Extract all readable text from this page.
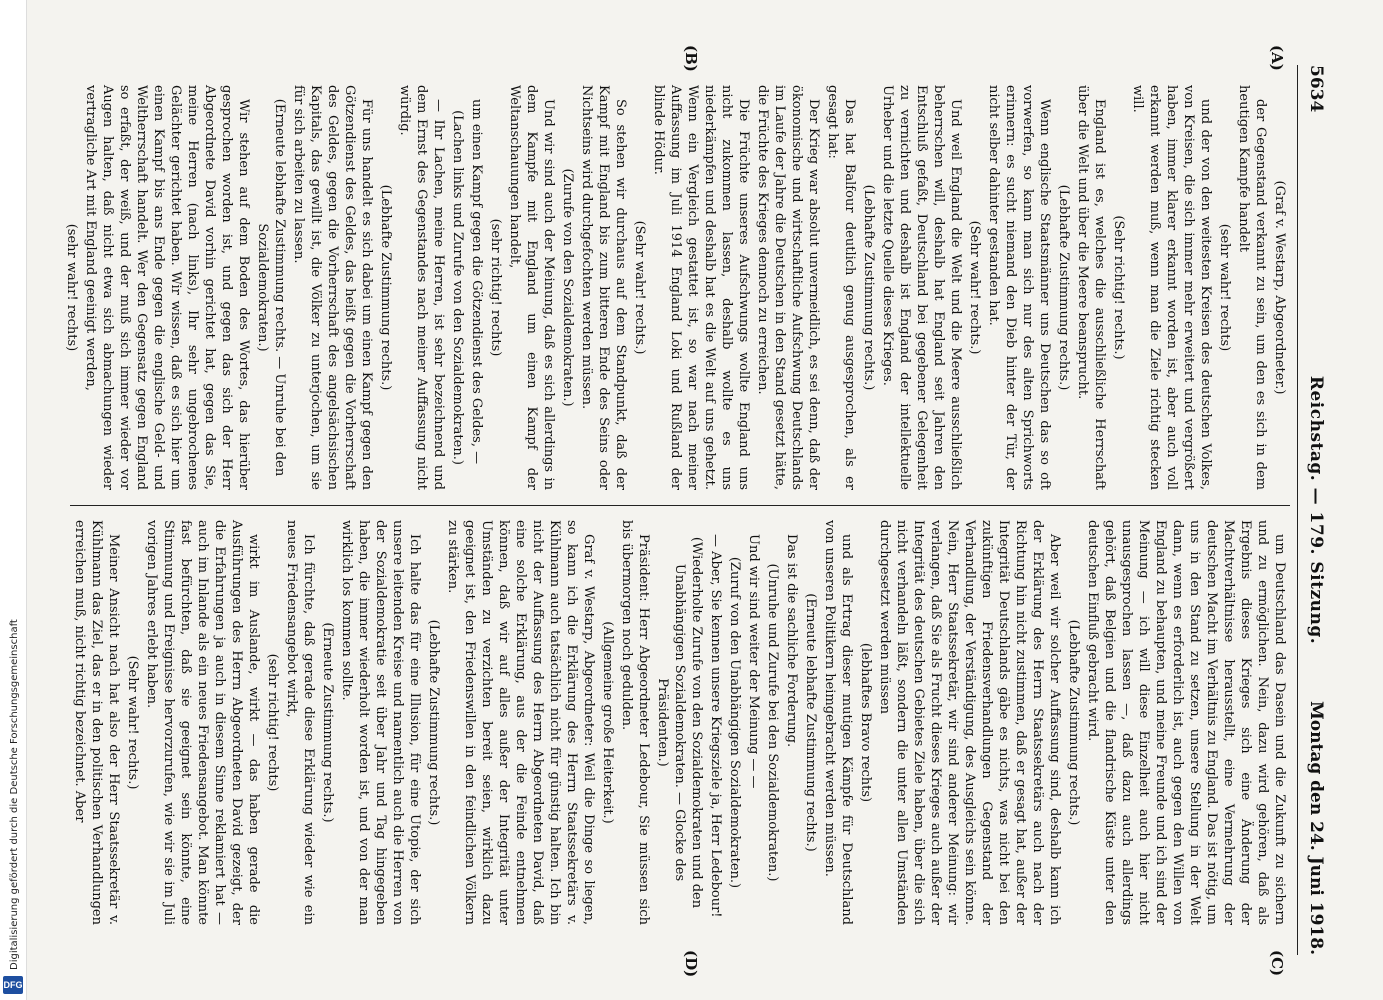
Digitalisierung gefördert durch die Deutsche Forschungsgemeinschaft
DFG
5634
Reichstag. — 179. Sitzung.
Montag den 24. Juni 1918.
(A)
(B)
(C)
(D)

(Graf v. Westarp, Abgeordneter.)

der Gegenstand verkannt zu sein, um den es sich in dem heutigen Kampfe handelt

(sehr wahr! rechts)

und der von den weitesten Kreisen des deutschen Volkes, von Kreisen, die sich immer mehr erweitert und vergrößert haben, immer klarer erkannt worden ist, aber auch voll erkannt werden muß, wenn man die Ziele richtig stecken will.

(Sehr richtig! rechts.)

England ist es, welches die ausschließliche Herrschaft über die Welt und über die Meere beansprucht.

(Lebhafte Zustimmung rechts.)

Wenn englische Staatsmänner uns Deutschen das so oft vorwerfen, so kann man sich nur des alten Sprichworts erinnern: es sucht niemand den Dieb hinter der Tür, der nicht selber dahinter gestanden hat.

(Sehr wahr! rechts.)

Und weil England die Welt und die Meere ausschließlich beherrschen will, deshalb hat England seit Jahren den Entschluß gefaßt, Deutschland bei gegebener Gelegenheit zu vernichten und deshalb ist England der intellektuelle Urheber und die letzte Quelle dieses Krieges.

(Lebhafte Zustimmung rechts.)

Das hat Balfour deutlich genug ausgesprochen, als er gesagt hat:

Der Krieg war absolut unvermeidlich, es sei denn, daß der ökonomische und wirtschaftliche Aufschwung Deutschlands im Laufe der Jahre die Deutschen in den Stand gesetzt hätte, die Früchte des Krieges dennoch zu erreichen.

Die Früchte unseres Aufschwungs wollte England uns nicht zukommen lassen, deshalb wollte es uns niederkämpfen und deshalb hat es die Welt auf uns gehetzt. Wenn ein Vergleich gestattet ist, so war nach meiner Auffassung im Juli 1914 England Loki und Rußland der blinde Hödur.

(Sehr wahr! rechts.)

So stehen wir durchaus auf dem Standpunkt, daß der Kampf mit England bis zum bitteren Ende des Seins oder Nichtseins wird durchgefochten werden müssen.

(Zurufe von den Sozialdemokraten.)

Und wir sind auch der Meinung, daß es sich allerdings in dem Kampfe mit England um einen Kampf der Weltanschauungen handelt,

(sehr richtig! rechts)

um einen Kampf gegen die Götzendienst des Geldes, —

(Lachen links und Zurufe von den Sozialdemokraten.)

— Ihr Lachen, meine Herren, ist sehr bezeichnend und dem Ernst des Gegenstandes nach meiner Auffassung nicht würdig.

(Lebhafte Zustimmung rechts.)

Für uns handelt es sich dabei um einen Kampf gegen den Götzendienst des Geldes, das heißt gegen die Vorherrschaft des Geldes, gegen die Vorherrschaft des angelsächsischen Kapitals, das gewillt ist, die Völker zu unterjochen, um sie für sich arbeiten zu lassen.

(Erneute lebhafte Zustimmung rechts. — Unruhe bei den Sozialdemokraten.)

Wir stehen auf dem Boden des Wortes, das hierüber gesprochen worden ist, und gegen das sich der Herr Abgeordnete David vorhin gerichtet hat, gegen das Sie, meine Herren (nach links), Ihr sehr ungebrochenes Gelächter gerichtet haben. Wir wissen, daß es sich hier um einen Kampf bis ans Ende gegen die englische Geld- und Weltherrschaft handelt. Wer den Gegensatz gegen England so erfaßt, der weiß, und der muß sich immer wieder vor Augen halten, daß nicht etwa sich abmachungen wieder vertragliche Art mit England geeinigt werden,

(sehr wahr! rechts)

um Deutschland das Dasein und die Zukunft zu sichern und zu ermöglichen. Nein, dazu wird gehören, daß als Ergebnis dieses Krieges sich eine Änderung der Machtverhältnisse herausstellt, eine Vermehrung der deutschen Macht im Verhältnis zu England. Das ist nötig, um uns in den Stand zu setzen, unsere Stellung in der Welt dann, wenn es erforderlich ist, auch gegen den Willen von England zu behaupten, und meine Freunde und ich sind der Meinung — ich will diese Einzelheit auch hier nicht unausgesprochen lassen —, daß dazu auch allerdings gehört, daß Belgien und die flandrische Küste unter den deutschen Einfluß gebracht wird.

(Lebhafte Zustimmung rechts.)

Aber weil wir solcher Auffassung sind, deshalb kann ich der Erklärung des Herrn Staatssekretärs auch nach der Richtung hin nicht zustimmen, daß er gesagt hat, außer der Integrität Deutschlands gäbe es nichts, was nicht bei den zukünftigen Friedensverhandlungen Gegenstand der Verhandlung, der Verständigung, des Ausgleichs sein könne. Nein, Herr Staatssekretär, wir sind anderer Meinung: wir verlangen, daß Sie als Frucht dieses Krieges auch außer der Integrität des deutschen Gebietes Ziele haben, über die sich nicht verhandeln läßt, sondern die unter allen Umständen durchgesetzt werden müssen

(lebhaftes Bravo rechts)

und als Ertrag dieser mutigen Kämpfe für Deutschland von unseren Politikern heimgebracht werden müssen.

(Erneute lebhafte Zustimmung rechts.)

Das ist die sachliche Forderung.

(Unruhe und Zurufe bei den Sozialdemokraten.)

Und wir sind weiter der Meinung — —

(Zuruf von den Unabhängigen Sozialdemokraten.)

— Aber, Sie kennen unsere Kriegsziele ja, Herr Ledebour!

(Wiederholte Zurufe von den Sozialdemokraten und den Unabhängigen Sozialdemokraten. — Glocke des Präsidenten.)

Präsident: Herr Abgeordneter Ledebour, Sie müssen sich bis übermorgen noch gedulden.

(Allgemeine große Heiterkeit.)

Graf v. Westarp, Abgeordneter: Weil die Dinge so liegen, so kann ich die Erklärung des Herrn Staatssekretärs v. Kühlmann auch tatsächlich nicht für günstig halten. Ich bin nicht der Auffassung des Herrn Abgeordneten David, daß eine solche Erklärung, aus der die Feinde entnehmen können, daß wir auf alles außer der Integrität unter Umständen zu verzichten bereit seien, wirklich dazu geeignet ist, den Friedenswillen in den feindlichen Völkern zu stärken.

(Lebhafte Zustimmung rechts.)

Ich halte das für eine Illusion, für eine Utopie, der sich unsere leitenden Kreise und namentlich auch die Herren von der Sozialdemokratie seit über Jahr und Tag hingegeben haben, die immer wiederholt worden ist, und von der man wirklich los kommen sollte.

(Erneute Zustimmung rechts.)

Ich fürchte, daß gerade diese Erklärung wieder wie ein neues Friedensangebot wirkt,

(sehr richtig! rechts)

wirkt im Auslande, wirkt — das haben gerade die Ausführungen des Herrn Abgeordneten David gezeigt, der die Erfahrungen ja auch in diesem Sinne reklamiert hat — auch im Inlande als ein neues Friedensangebot. Man könnte fast befürchten, daß sie geeignet sein könnte, eine Stimmung und Ereignisse hervorzurufen, wie wir sie im Juli vorigen Jahres erlebt haben.

(Sehr wahr! rechts.)

Meiner Ansicht nach hat also der Herr Staatssekretär v. Kühlmann das Ziel, das er in den politischen Verhandlungen erreichen muß, nicht richtig bezeichnet. Aber
